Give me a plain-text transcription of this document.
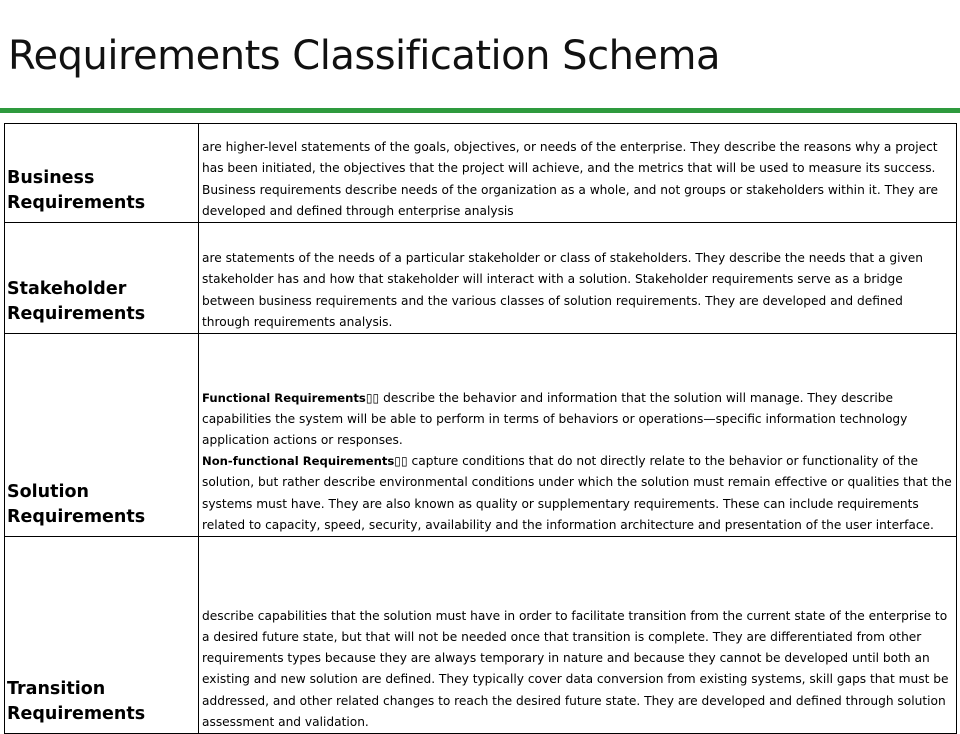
Requirements Classification Schema
Business Requirements	are higher-level statements of the goals, objectives, or needs of the enterprise. They describe the reasons why a project has been initiated, the objectives that the project will achieve, and the metrics that will be used to measure its success. Business requirements describe needs of the organization as a whole, and not groups or stakeholders within it. They are developed and defined through enterprise analysis
Stakeholder Requirements	are statements of the needs of a particular stakeholder or class of stakeholders. They describe the needs that a given stakeholder has and how that stakeholder will interact with a solution. Stakeholder requirements serve as a bridge between business requirements and the various classes of solution requirements. They are developed and defined through requirements analysis.
Solution Requirements	Functional Requirements▯▯ describe the behavior and information that the solution will manage. They describe capabilities the system will be able to perform in terms of behaviors or operations—specific information technology application actions or responses.

Non-functional Requirements▯▯ capture conditions that do not directly relate to the behavior or functionality of the solution, but rather describe environmental conditions under which the solution must remain effective or qualities that the systems must have. They are also known as quality or supplementary requirements. These can include requirements related to capacity, speed, security, availability and the information architecture and presentation of the user interface.

Transition Requirements	describe capabilities that the solution must have in order to facilitate transition from the current state of the enterprise to a desired future state, but that will not be needed once that transition is complete. They are differentiated from other requirements types because they are always temporary in nature and because they cannot be developed until both an existing and new solution are defined. They typically cover data conversion from existing systems, skill gaps that must be addressed, and other related changes to reach the desired future state. They are developed and defined through solution assessment and validation.
